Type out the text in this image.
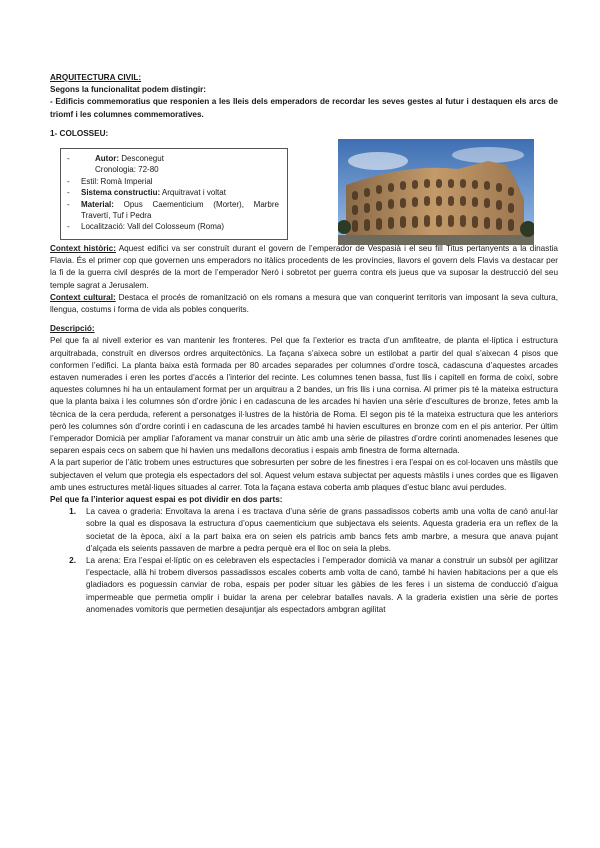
ARQUITECTURA CIVIL:

Segons la funcionalitat podem distingir:

- Edificis commemoratius que responien a les lleis dels emperadors de recordar les seves gestes al futur i destaquen els arcs de triomf i les columnes commemoratives.

1- COLOSSEU:

-	Autor: Desconegut
Cronologia: 72-80
-	Estil: Romà Imperial
-	Sistema constructiu: Arquitravat i voltat
-	Material: Opus Caementicium (Morter), Marbre Travertí, Tuf i Pedra
-	Localització: Vall del Colosseum (Roma)

Context històric: Aquest edifici va ser construït durant el govern de l’emperador de Vespasià i el seu fill Titus pertanyents a la dinastia Flavia. És el primer cop que governen uns emperadors no itàlics procedents de les províncies, llavors el govern dels Flavis va destacar per la fi de la guerra civil després de la mort de l’emperador Neró i sobretot per guerra contra els jueus que va suposar la destrucció del seu temple sagrat a Jerusalem.

Context cultural: Destaca el procés de romanització on els romans a mesura que van conquerint territoris van imposant la seva cultura, llengua, costums i forma de vida als pobles conquerits.

Descripció:

Pel que fa al nivell exterior es van mantenir les fronteres. Pel que fa l’exterior es tracta d’un amfiteatre, de planta el·líptica i estructura arquitrabada, construït en diversos ordres arquitectònics. La façana s’aixeca sobre un estilobat a partir del qual s’aixecan 4 pisos que conformen l’edifici. La planta baixa està formada per 80 arcades separades per columnes d’ordre toscà, cadascuna d’aquestes arcades estaven numerades i eren les portes d’accés a l’interior del recinte. Les columnes tenen bassa, fust llis i capitell en forma de coixí, sobre aquestes columnes hi ha un entaulament format per un arquitrau a 2 bandes, un fris llis i una cornisa. Al primer pis té la mateixa estructura que la planta baixa i les columnes són d’ordre jònic i en cadascuna de les arcades hi havien una sèrie d’escultures de bronze, fetes amb la tècnica de la cera perduda, referent a personatges il·lustres de la història de Roma. El segon pis té la mateixa estructura que les anteriors però les columnes són d’ordre corinti i en cadascuna de les arcades també hi havien escultures en bronze com en el pis anterior. Per últim l’emperador Domicià per ampliar l’aforament va manar construir un àtic amb una sèrie de pilastres d’ordre corinti anomenades lesenes que separen espais cecs on sabem que hi havien uns medallons decoratius i espais amb finestra de forma alternada.

A la part superior de l’àtic trobem unes estructures que sobresurten per sobre de les finestres i era l’espai on es col·locaven uns màstils que subjectaven el velum que protegia els espectadors del sol. Aquest velum estava subjectat per aquests màstils i unes cordes que es lligaven amb unes estructures metàl·liques situades al carrer. Tota la façana estava coberta amb plaques d’estuc blanc avui perdudes.

Pel que fa l’interior aquest espai es pot dividir en dos parts:

1.	La cavea o graderia: Envoltava la arena i es tractava d’una sèrie de grans passadissos coberts amb una volta de canó anul·lar sobre la qual es disposava la estructura d’opus caementicium que subjectava els seients. Aquesta graderia era un reflex de la societat de la època, així a la part baixa era on seien els patricis amb bancs fets amb marbre, a mesura que anava pujant d’alçada els seients passaven de marbre a pedra perquè era el lloc on seia la plebs.
2.	La arena: Era l’espai el·líptic on es celebraven els espectacles i l’emperador domicià va manar a construir un subsòl per agilitzar l’espectacle, allà hi trobem diversos passadissos escales coberts amb volta de canó, també hi havien habitacions per a que els gladiadors es poguessin canviar de roba, espais per poder situar les gàbies de les feres i un sistema de conducció d’aigua impermeable que permetia omplir i buidar la arena per celebrar batalles navals. A la graderia existien una sèrie de portes anomenades vomitoris que permetien desajuntjar als espectadors ambgran agilitat
